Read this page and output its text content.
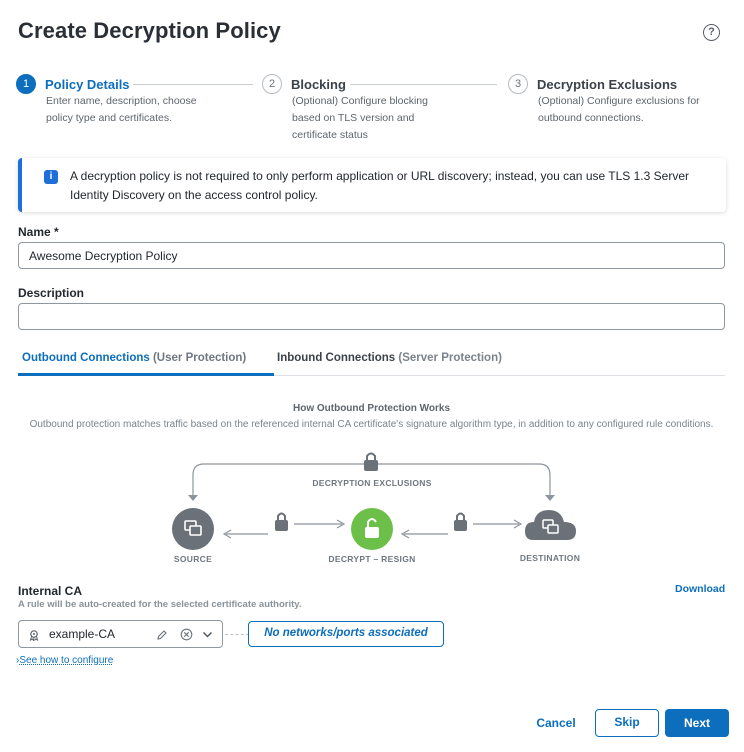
Create Decryption Policy	?
1	Policy Details
Enter name, description, choose
policy type and certificates.
2	Blocking
(Optional) Configure blocking
based on TLS version and
certificate status
3	Decryption Exclusions
(Optional) Configure exclusions for
outbound connections.
i	A decryption policy is not required to only perform application or URL discovery; instead, you can use TLS 1.3 Server Identity Discovery on the access control policy.
Name *
Awesome Decryption Policy
Description
Outbound Connections (User Protection)	Inbound Connections (Server Protection)
How Outbound Protection Works
Outbound protection matches traffic based on the referenced internal CA certificate's signature algorithm type, in addition to any configured rule conditions.
DECRYPTION EXCLUSIONS
SOURCE	DECRYPT – RESIGN	DESTINATION
Internal CA
A rule will be auto-created for the selected certificate authority.
Download
example-CA	No networks/ports associated
›See how to configure
Cancel	Skip	Next
